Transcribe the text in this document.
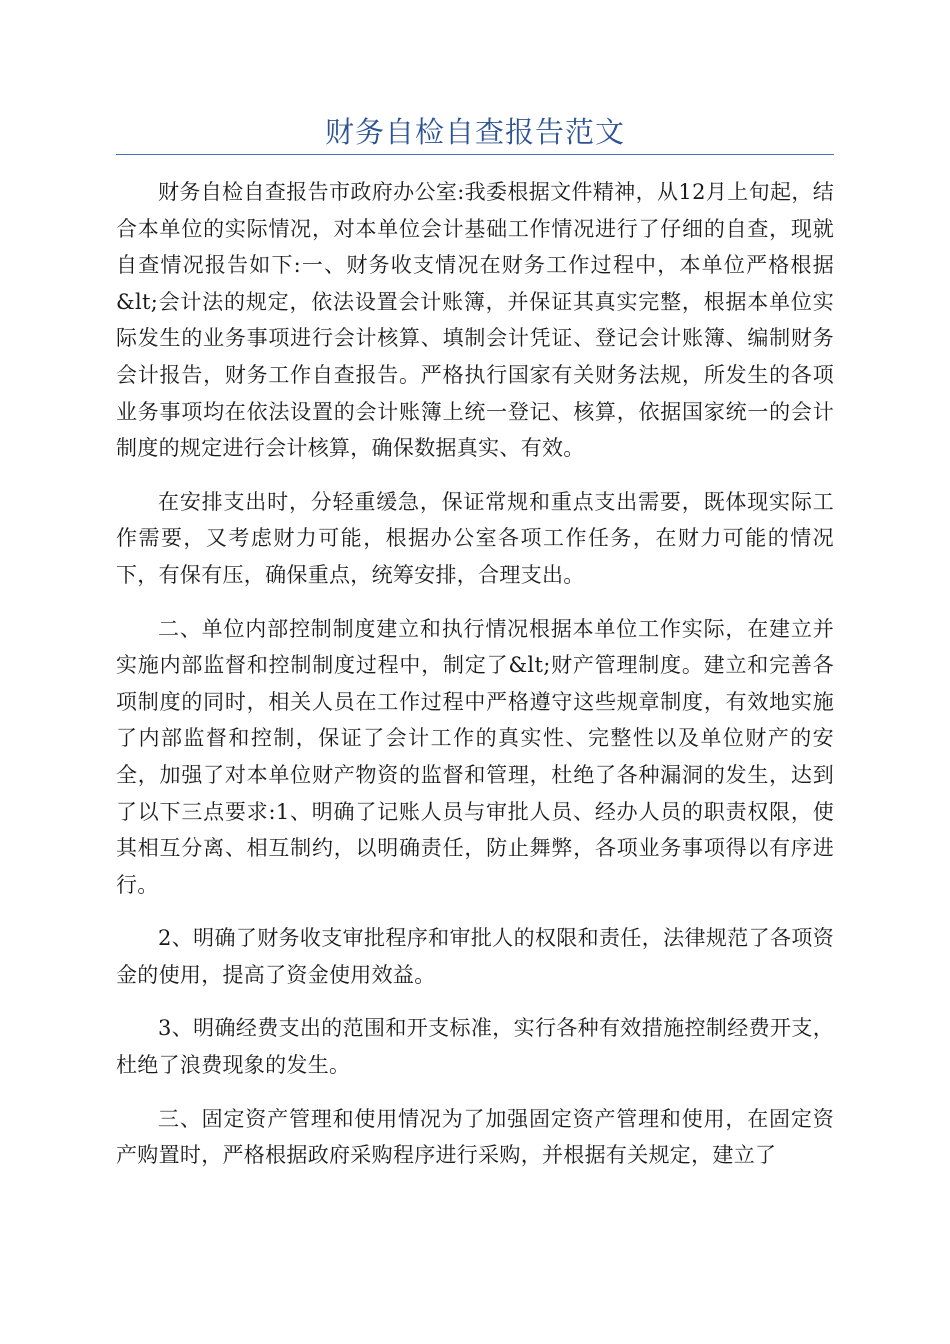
财务自检自查报告范文

财务自检自查报告市政府办公室:我委根据文件精神，从12月上旬起，结合本单位的实际情况，对本单位会计基础工作情况进行了仔细的自查，现就自查情况报告如下:一、财务收支情况在财务工作过程中，本单位严格根据&lt;会计法的规定，依法设置会计账簿，并保证其真实完整，根据本单位实际发生的业务事项进行会计核算、填制会计凭证、登记会计账簿、编制财务会计报告，财务工作自查报告。严格执行国家有关财务法规，所发生的各项业务事项均在依法设置的会计账簿上统一登记、核算，依据国家统一的会计制度的规定进行会计核算，确保数据真实、有效。

在安排支出时，分轻重缓急，保证常规和重点支出需要，既体现实际工作需要，又考虑财力可能，根据办公室各项工作任务，在财力可能的情况下，有保有压，确保重点，统筹安排，合理支出。

二、单位内部控制制度建立和执行情况根据本单位工作实际，在建立并实施内部监督和控制制度过程中，制定了&lt;财产管理制度。建立和完善各项制度的同时，相关人员在工作过程中严格遵守这些规章制度，有效地实施了内部监督和控制，保证了会计工作的真实性、完整性以及单位财产的安全，加强了对本单位财产物资的监督和管理，杜绝了各种漏洞的发生，达到了以下三点要求:1、明确了记账人员与审批人员、经办人员的职责权限，使其相互分离、相互制约，以明确责任，防止舞弊，各项业务事项得以有序进行。

2、明确了财务收支审批程序和审批人的权限和责任，法律规范了各项资金的使用，提高了资金使用效益。

3、明确经费支出的范围和开支标准，实行各种有效措施控制经费开支，杜绝了浪费现象的发生。

三、固定资产管理和使用情况为了加强固定资产管理和使用，在固定资产购置时，严格根据政府采购程序进行采购，并根据有关规定，建立了
